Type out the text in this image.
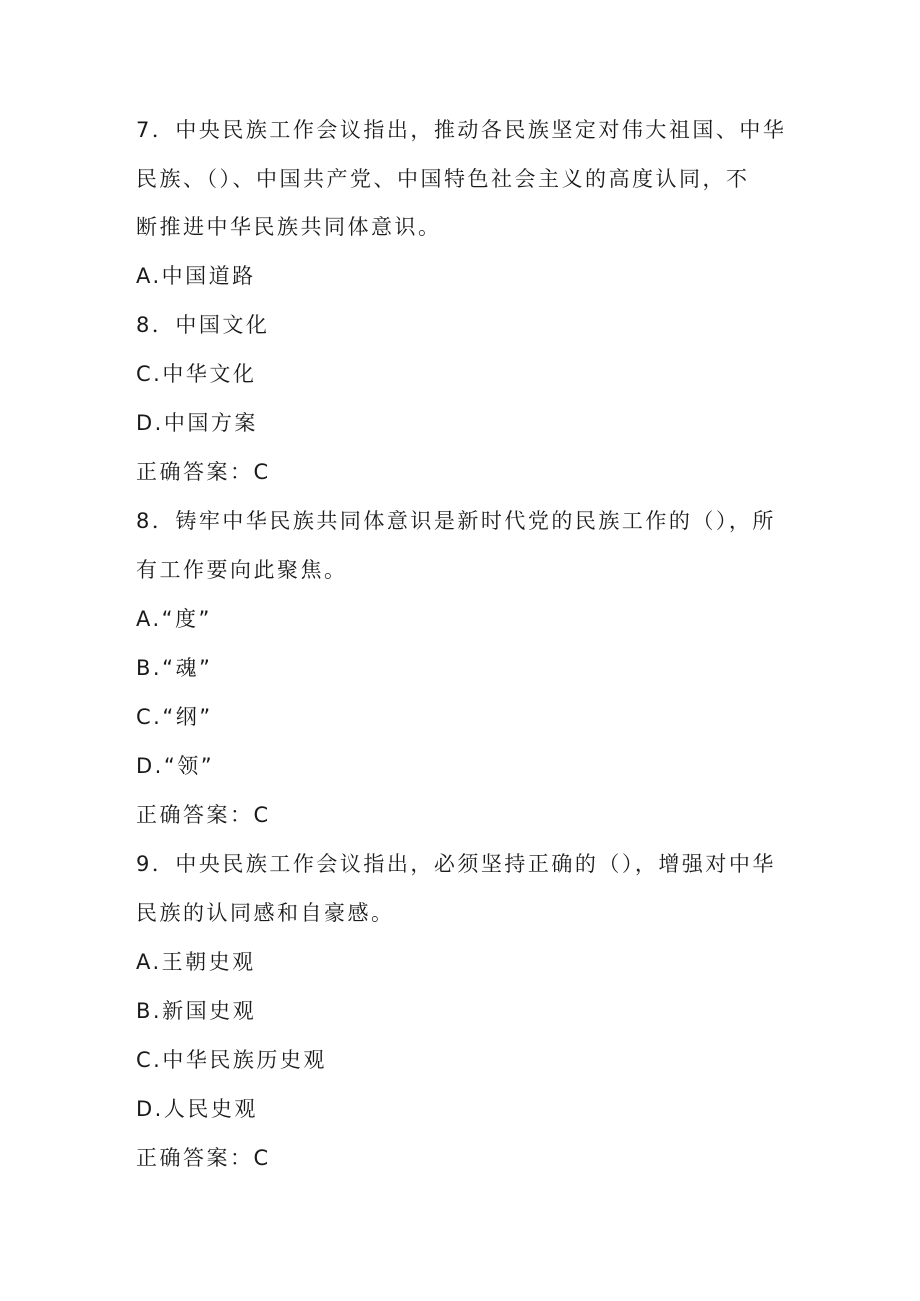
7．中央民族工作会议指出，推动各民族坚定对伟大祖国、中华
民族、（）、中国共产党、中国特色社会主义的高度认同，不
断推进中华民族共同体意识。
A.中国道路
8．中国文化
C.中华文化
D.中国方案
正确答案：C
8．铸牢中华民族共同体意识是新时代党的民族工作的（），所
有工作要向此聚焦。
A.“度”
B.“魂”
C.“纲”
D.“领”
正确答案：C
9．中央民族工作会议指出，必须坚持正确的（），增强对中华
民族的认同感和自豪感。
A.王朝史观
B.新国史观
C.中华民族历史观
D.人民史观
正确答案：C
